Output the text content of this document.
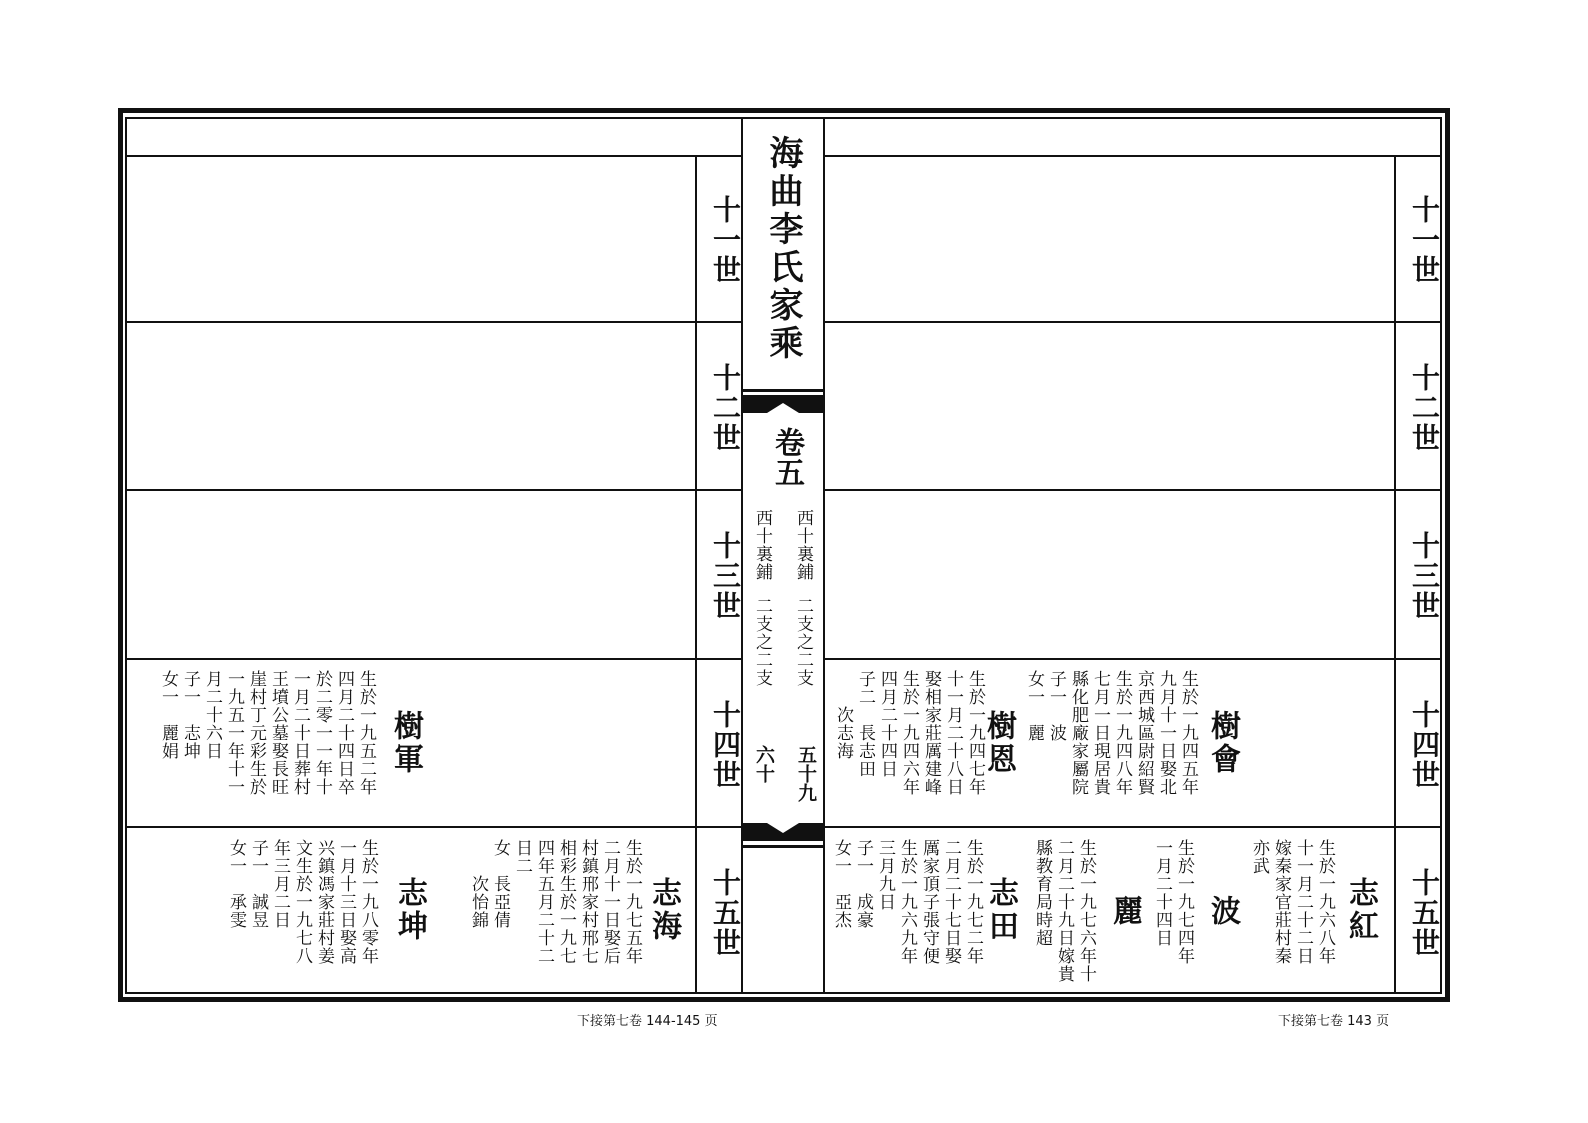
十一世
十二世
十三世
十四世
十五世
樹軍
生於一九五二年
四月二十四日卒
於二零一一年十
一月二十日葬村
王墳公墓娶長旺
崖村丁元彩生於
一九五一年十一
月二十六日
子一　志坤
女一　麗娟
志海
生於一九七五年
二月十一日娶后
村鎮邢家村邢七
相彩生於一九七
四年五月二十二
日二
女　長亞倩
　　次怡錦
志坤
生於一九八零年
一月十三日娶高
兴鎮馮家莊村姜
文生於一九七八
年三月二日
子一　誠昱
女一　承雯
海曲李氏家乘
卷五
西十裏鋪
二支之二支
五十九
西十裏鋪
二支之二支
六十
十一世
十二世
十三世
十四世
十五世
樹會
生於一九四五年
九月十一日娶北
京西城區尉紹賢
生於一九四八年
七月一日現居貴
縣化肥廠家屬院
子一　波
女一　麗
樹恩
生於一九四七年
十一月二十八日
娶相家莊厲建峰
生於一九四六年
四月二十四日
子二　長志田
　　次志海
志紅
生於一九六八年
十一月二十二日
嫁秦家官莊村秦
亦武
波
生於一九七四年
一月二十四日
麗
生於一九七六年十
二月二十九日嫁貴
縣教育局時超
志田
生於一九七二年
二月二十七日娶
厲家頂子張守便
生於一九六九年
三月九日
子一　成豪
女一　亞杰
下接第七卷 144-145 页	下接第七卷 143 页
